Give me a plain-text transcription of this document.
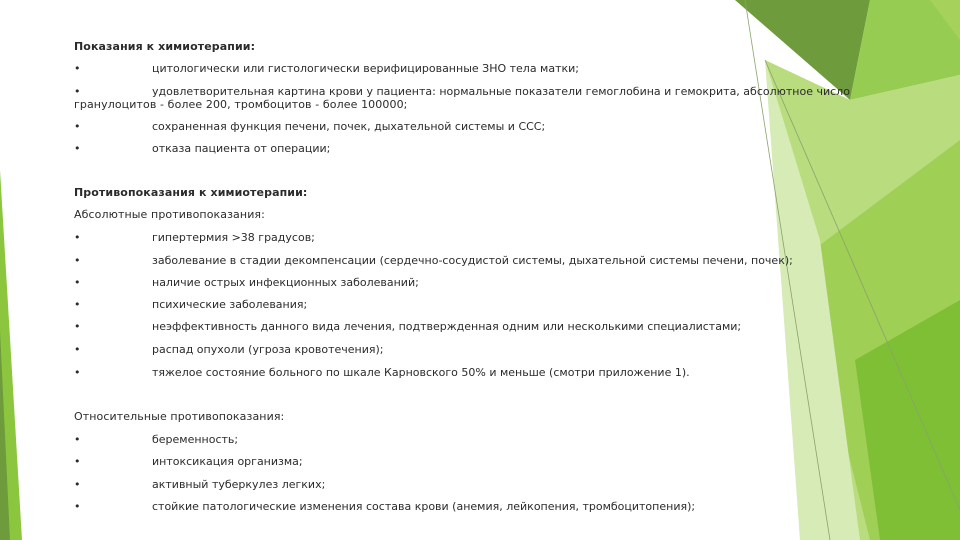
Показания к химиотерапии:
•	цитологически или гистологически верифицированные ЗНО тела матки;
•	удовлетворительная картина крови у пациента: нормальные показатели гемоглобина и гемокрита, абсолютное число
гранулоцитов - более 200, тромбоцитов - более 100000;
•	сохраненная функция печени, почек, дыхательной системы и ССС;
•	отказа пациента от операции;
Противопоказания к химиотерапии:
Абсолютные противопоказания:
•	гипертермия >38 градусов;
•	заболевание в стадии декомпенсации (сердечно-сосудистой системы, дыхательной системы печени, почек);
•	наличие острых инфекционных заболеваний;
•	психические заболевания;
•	неэффективность данного вида лечения, подтвержденная одним или несколькими специалистами;
•	распад опухоли (угроза кровотечения);
•	тяжелое состояние больного по шкале Карновского 50% и меньше (смотри приложение 1).
Относительные противопоказания:
•	беременность;
•	интоксикация организма;
•	активный туберкулез легких;
•	стойкие патологические изменения состава крови (анемия, лейкопения, тромбоцитопения);
